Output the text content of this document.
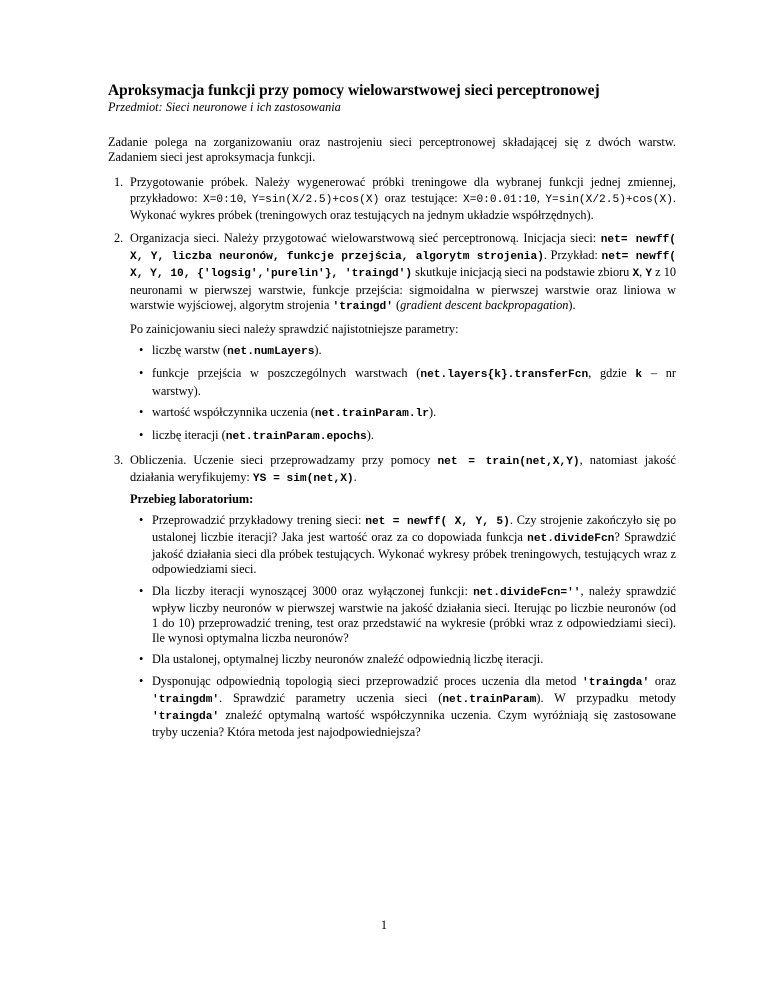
Aproksymacja funkcji przy pomocy wielowarstwowej sieci perceptronowej
Przedmiot: Sieci neuronowe i ich zastosowania

Zadanie polega na zorganizowaniu oraz nastrojeniu sieci perceptronowej składającej się z dwóch warstw. Zadaniem sieci jest aproksymacja funkcji.

1. Przygotowanie próbek. Należy wygenerować próbki treningowe dla wybranej funkcji jednej zmiennej, przykładowo: X=0:10, Y=sin(X/2.5)+cos(X) oraz testujące: X=0:0.01:10, Y=sin(X/2.5)+cos(X). Wykonać wykres próbek (treningowych oraz testujących na jednym układzie współrzędnych).

2. Organizacja sieci. Należy przygotować wielowarstwową sieć perceptronową. Inicjacja sieci: net= newff( X, Y, liczba neuronów, funkcje przejścia, algorytm strojenia). Przykład: net= newff( X, Y, 10, {'logsig','purelin'}, 'traingd') skutkuje inicjacją sieci na podstawie zbioru X, Y z 10 neuronami w pierwszej warstwie, funkcje przejścia: sigmoidalna w pierwszej warstwie oraz liniowa w warstwie wyjściowej, algorytm strojenia 'traingd' (gradient descent backpropagation).

Po zainicjowaniu sieci należy sprawdzić najistotniejsze parametry:

• liczbę warstw (net.numLayers).
• funkcje przejścia w poszczególnych warstwach (net.layers{k}.transferFcn, gdzie k – nr warstwy).
• wartość współczynnika uczenia (net.trainParam.lr).
• liczbę iteracji (net.trainParam.epochs).
3. Obliczenia. Uczenie sieci przeprowadzamy przy pomocy net = train(net,X,Y), natomiast jakość działania weryfikujemy: YS = sim(net,X).

Przebieg laboratorium:
• Przeprowadzić przykładowy trening sieci: net = newff( X, Y, 5). Czy strojenie zakończyło się po ustalonej liczbie iteracji? Jaka jest wartość oraz za co dopowiada funkcja net.divideFcn? Sprawdzić jakość działania sieci dla próbek testujących. Wykonać wykresy próbek treningowych, testujących wraz z odpowiedziami sieci.
• Dla liczby iteracji wynoszącej 3000 oraz wyłączonej funkcji: net.divideFcn='', należy sprawdzić wpływ liczby neuronów w pierwszej warstwie na jakość działania sieci. Iterując po liczbie neuronów (od 1 do 10) przeprowadzić trening, test oraz przedstawić na wykresie (próbki wraz z odpowiedziami sieci). Ile wynosi optymalna liczba neuronów?
• Dla ustalonej, optymalnej liczby neuronów znaleźć odpowiednią liczbę iteracji.
• Dysponując odpowiednią topologią sieci przeprowadzić proces uczenia dla metod 'traingda' oraz 'traingdm'. Sprawdzić parametry uczenia sieci (net.trainParam). W przypadku metody 'traingda' znaleźć optymalną wartość współczynnika uczenia. Czym wyróżniają się zastosowane tryby uczenia? Która metoda jest najodpowiedniejsza?
1
